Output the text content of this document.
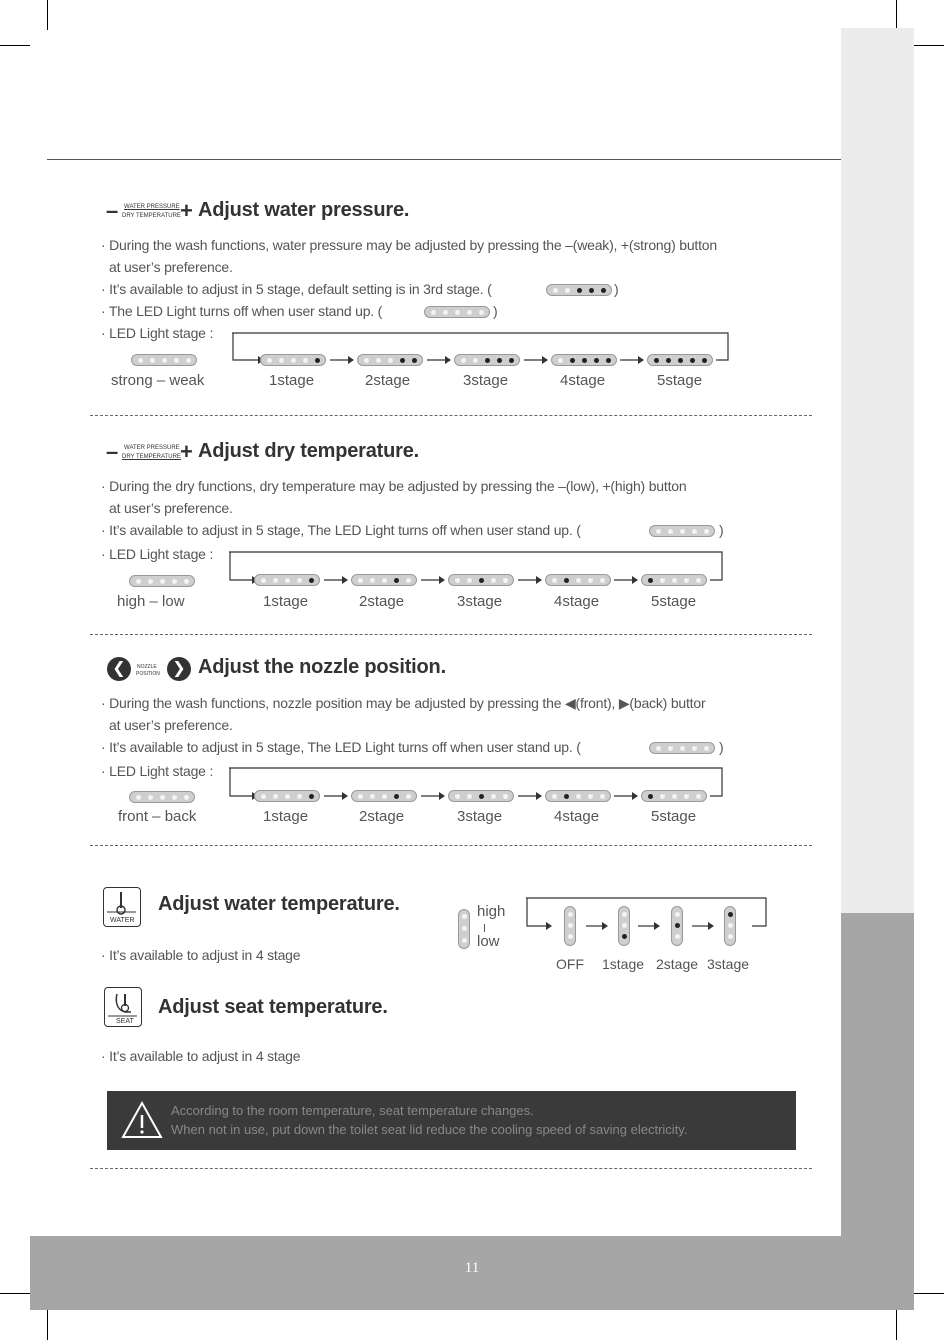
11
– WATER PRESSURE
DRY TEMPERATURE + Adjust water pressure.
· During the wash functions, water pressure may be adjusted by pressing the –(weak), +(strong) button
at user’s preference.
· It’s available to adjust in 5 stage, default setting is in 3rd stage. (	)
· The LED Light turns off when user stand up. (	)
· LED Light stage :
strong – weak	1stage	2stage	3stage	4stage	5stage
– WATER PRESSURE
DRY TEMPERATURE + Adjust dry temperature.
· During the dry functions, dry temperature may be adjusted by pressing the –(low), +(high) button
at user’s preference.
· It’s available to adjust in 5 stage, The LED Light turns off when user stand up. (	)
· LED Light stage :
high – low	1stage	2stage	3stage	4stage	5stage
❮	NOZZLE
POSITION ❯ Adjust the nozzle position.
· During the wash functions, nozzle position may be adjusted by pressing the ◀(front), ▶(back) buttor
at user’s preference.
· It’s available to adjust in 5 stage, The LED Light turns off when user stand up. (	)
· LED Light stage :
front – back	1stage	2stage	3stage	4stage	5stage
WATER
Adjust water temperature.
· It’s available to adjust in 4 stage
high
low
OFF 1stage 2stage 3stage
SEAT
Adjust seat temperature.
· It’s available to adjust in 4 stage
According to the room temperature, seat temperature changes.
When not in use, put down the toilet seat lid reduce the cooling speed of saving electricity.
